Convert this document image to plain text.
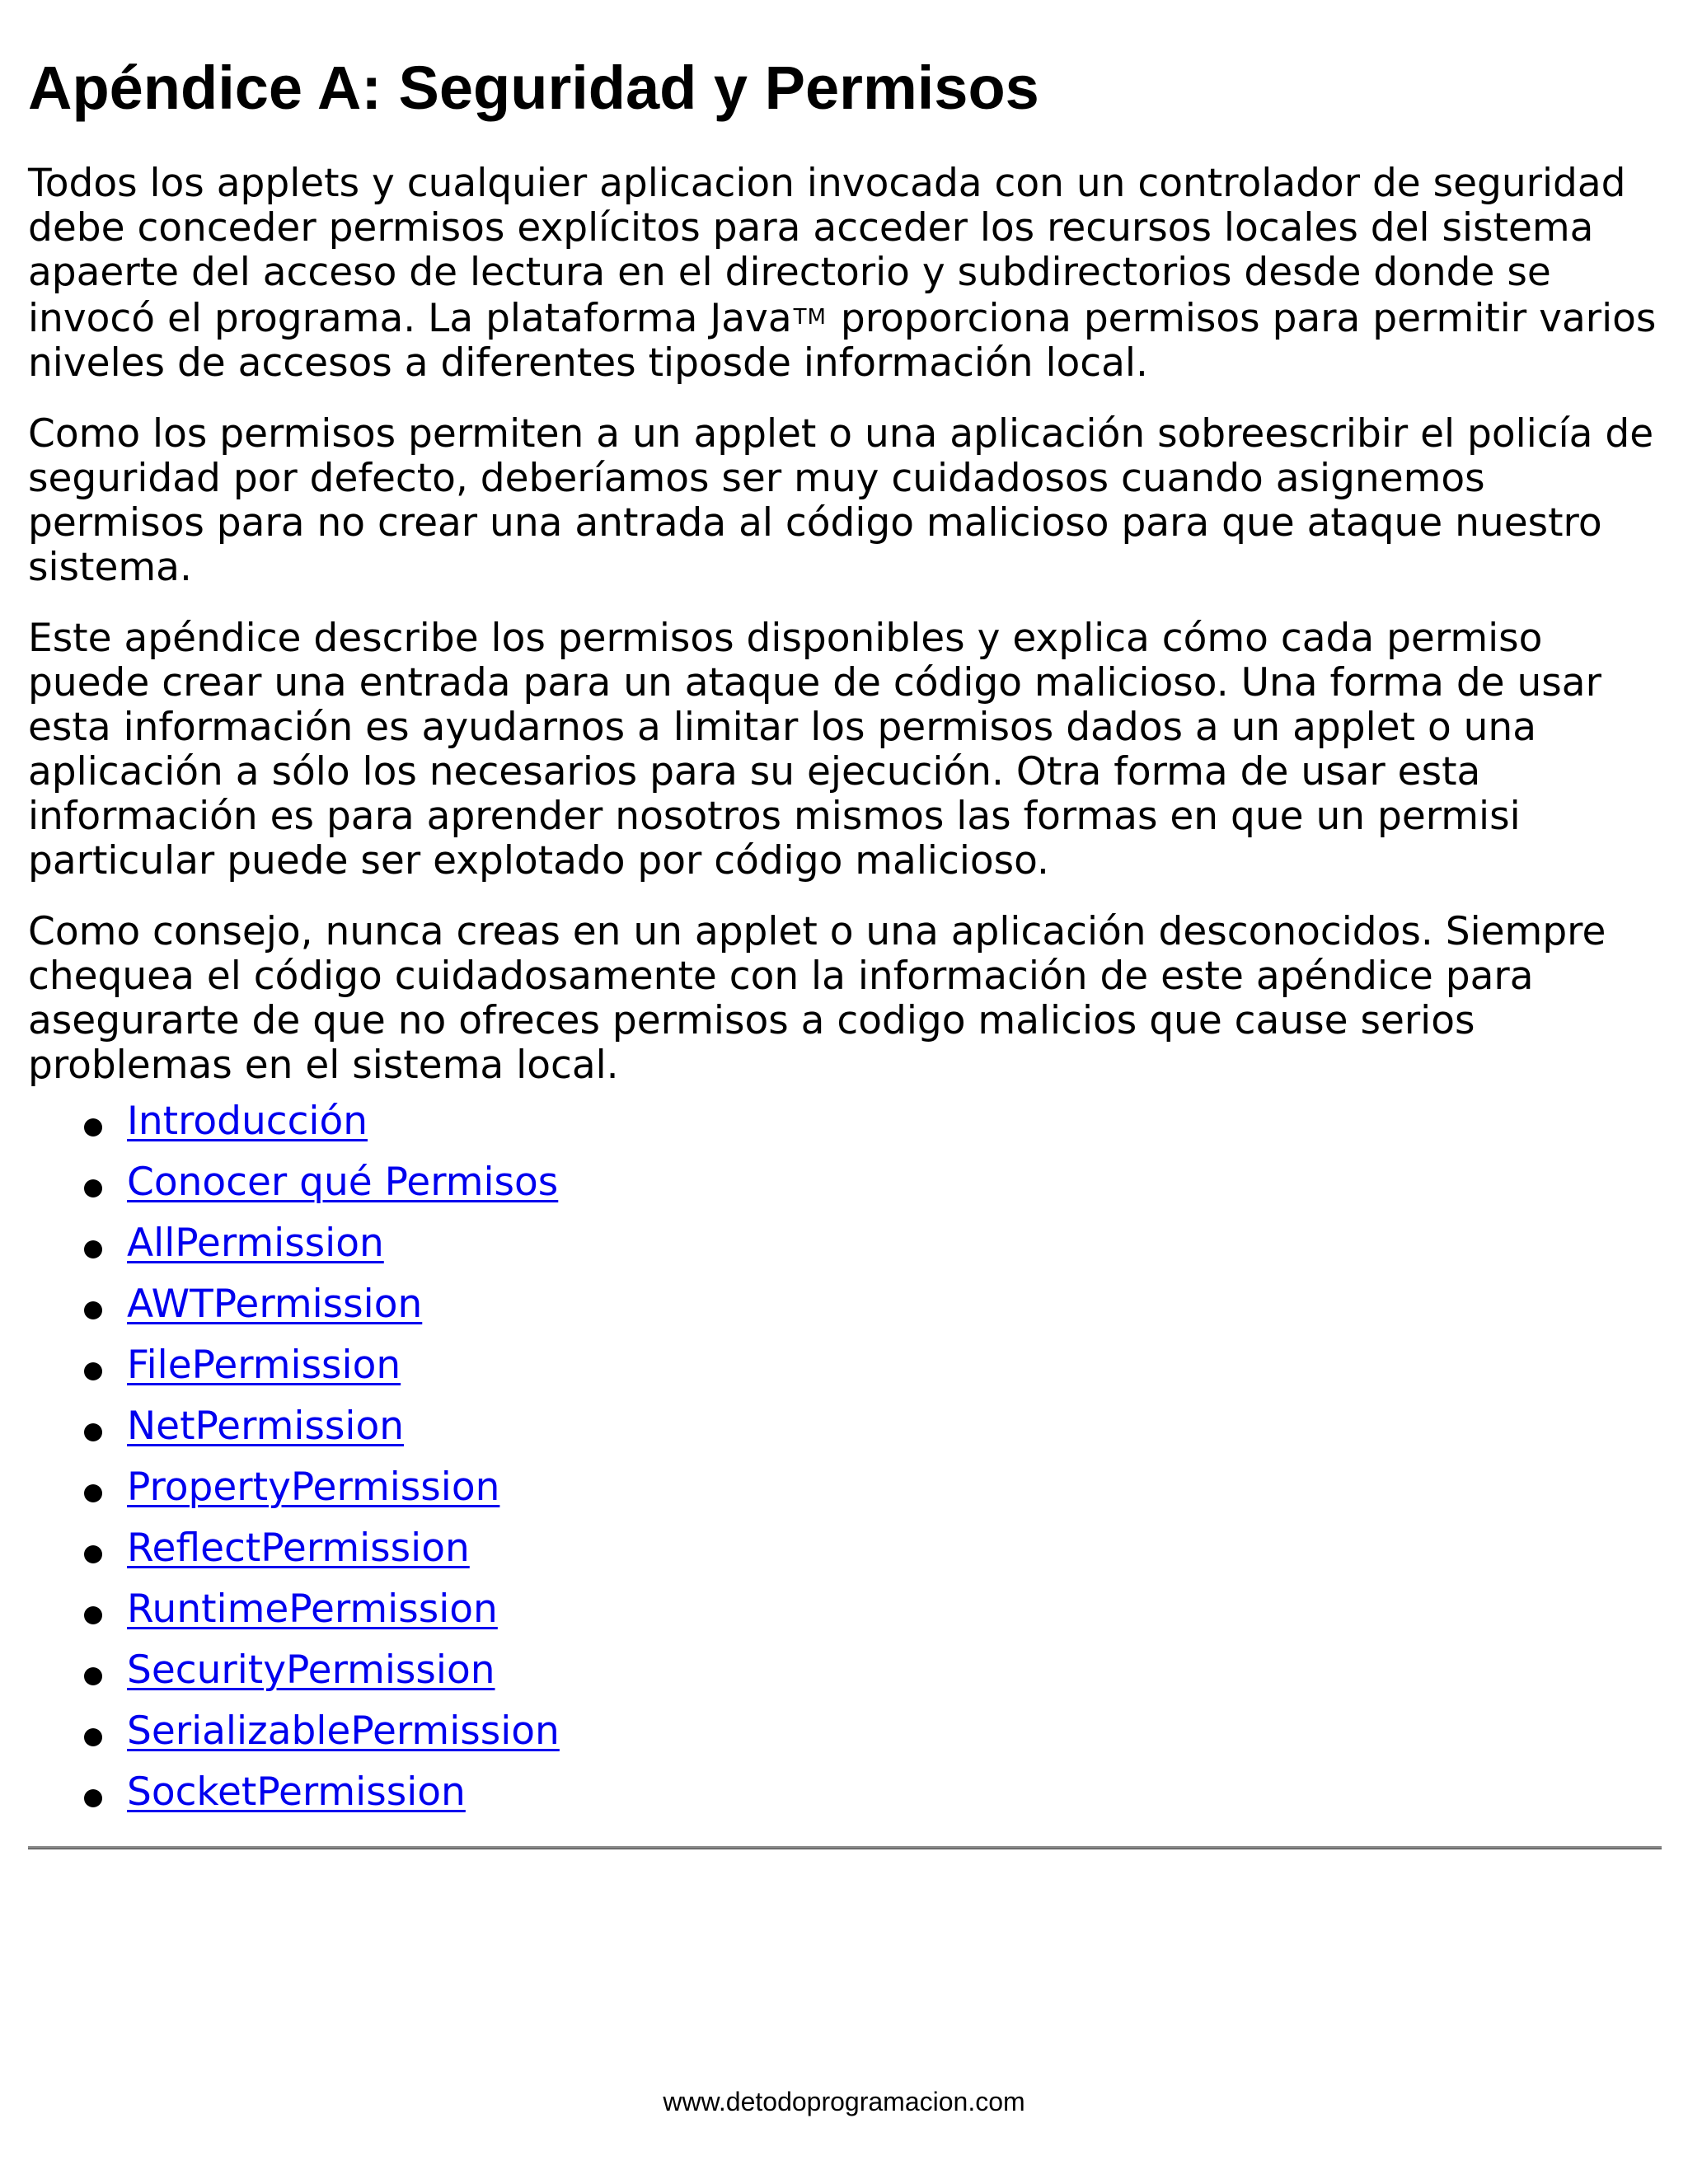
Apéndice A: Seguridad y Permisos

Todos los applets y cualquier aplicacion invocada con un controlador de seguridad debe conceder permisos explícitos para acceder los recursos locales del sistema apaerte del acceso de lectura en el directorio y subdirectorios desde donde se invocó el programa. La plataforma JavaTM proporciona permisos para permitir varios niveles de accesos a diferentes tiposde información local.

Como los permisos permiten a un applet o una aplicación sobreescribir el policía de seguridad por defecto, deberíamos ser muy cuidadosos cuando asignemos permisos para no crear una antrada al código malicioso para que ataque nuestro sistema.

Este apéndice describe los permisos disponibles y explica cómo cada permiso puede crear una entrada para un ataque de código malicioso. Una forma de usar esta información es ayudarnos a limitar los permisos dados a un applet o una aplicación a sólo los necesarios para su ejecución. Otra forma de usar esta información es para aprender nosotros mismos las formas en que un permisi particular puede ser explotado por código malicioso.

Como consejo, nunca creas en un applet o una aplicación desconocidos. Siempre chequea el código cuidadosamente con la información de este apéndice para asegurarte de que no ofreces permisos a codigo malicios que cause serios problemas en el sistema local.

Introducción
Conocer qué Permisos
AllPermission
AWTPermission
FilePermission
NetPermission
PropertyPermission
ReflectPermission
RuntimePermission
SecurityPermission
SerializablePermission
SocketPermission
www.detodoprogramacion.com
